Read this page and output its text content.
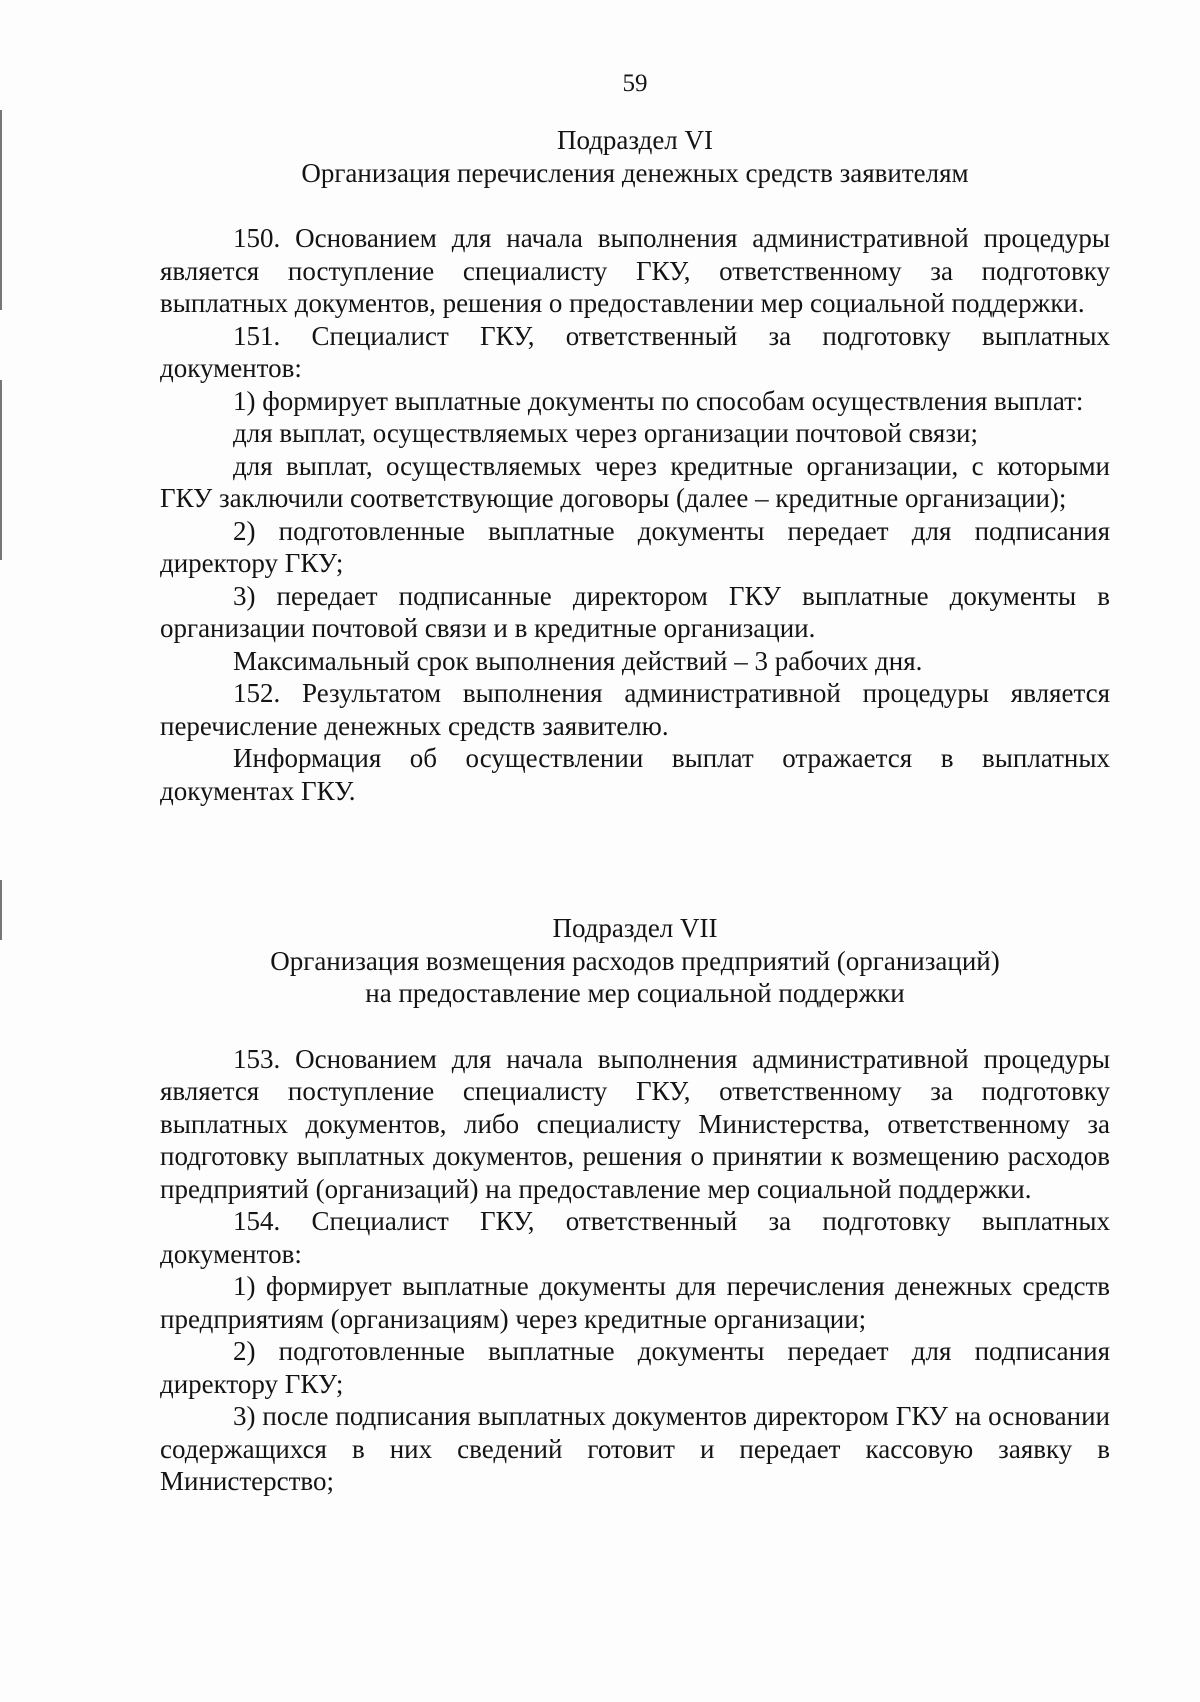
59

Подраздел VI
Организация перечисления денежных средств заявителям

150. Основанием для начала выполнения административной процедуры является поступление специалисту ГКУ, ответственному за подготовку выплатных документов, решения о предоставлении мер социальной поддержки.

151. Специалист ГКУ, ответственный за подготовку выплатных документов:

1) формирует выплатные документы по способам осуществления выплат:

для выплат, осуществляемых через организации почтовой связи;

для выплат, осуществляемых через кредитные организации, с которыми ГКУ заключили соответствующие договоры (далее – кредитные организации);

2) подготовленные выплатные документы передает для подписания директору ГКУ;

3) передает подписанные директором ГКУ выплатные документы в организации почтовой связи и в кредитные организации.

Максимальный срок выполнения действий – 3 рабочих дня.

152. Результатом выполнения административной процедуры является перечисление денежных средств заявителю.

Информация об осуществлении выплат отражается в выплатных документах ГКУ.

Подраздел VII
Организация возмещения расходов предприятий (организаций)
на предоставление мер социальной поддержки

153. Основанием для начала выполнения административной процедуры является поступление специалисту ГКУ, ответственному за подготовку выплатных документов, либо специалисту Министерства, ответственному за подготовку выплатных документов, решения о принятии к возмещению расходов предприятий (организаций) на предоставление мер социальной поддержки.

154. Специалист ГКУ, ответственный за подготовку выплатных документов:

1) формирует выплатные документы для перечисления денежных средств предприятиям (организациям) через кредитные организации;

2) подготовленные выплатные документы передает для подписания директору ГКУ;

3) после подписания выплатных документов директором ГКУ на основании содержащихся в них сведений готовит и передает кассовую заявку в Министерство;
